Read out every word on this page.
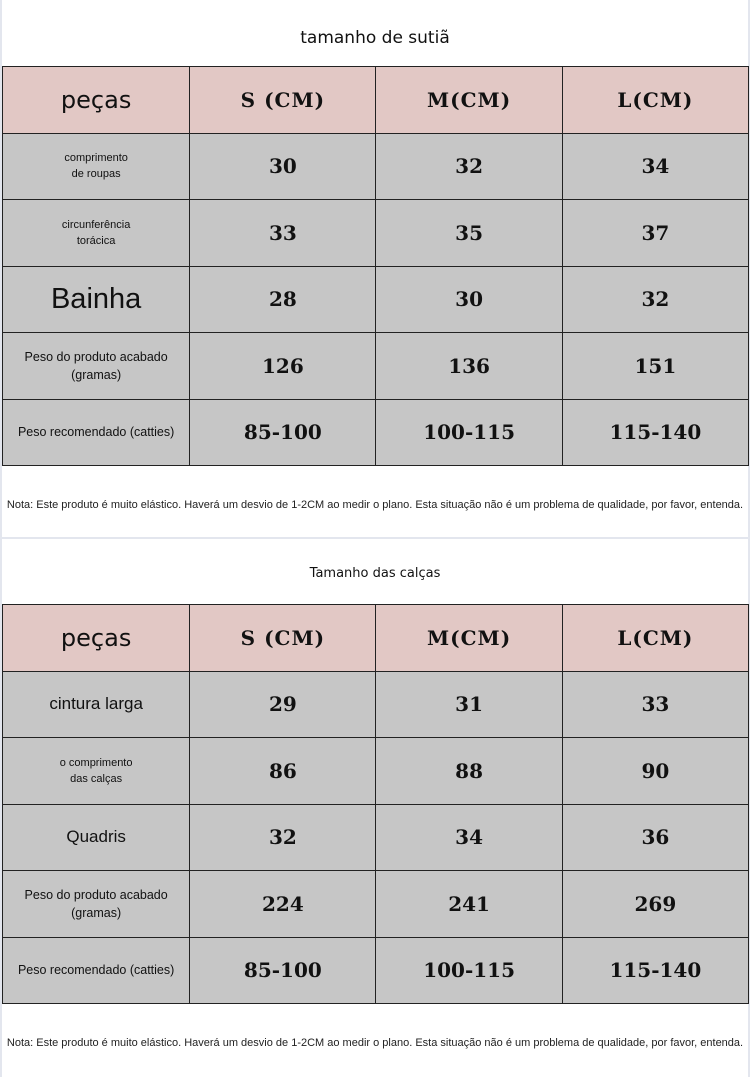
tamanho de sutiã
peças	S (CM)	M(CM)	L(CM)
comprimento
de roupas	30	32	34
circunferência
torácica	33	35	37
Bainha	28	30	32
Peso do produto acabado (gramas)	126	136	151
Peso recomendado (catties)	85-100	100-115	115-140
Nota: Este produto é muito elástico. Haverá um desvio de 1-2CM ao medir o plano. Esta situação não é um problema de qualidade, por favor, entenda.
Tamanho das calças
peças	S (CM)	M(CM)	L(CM)
cintura larga	29	31	33
o comprimento
das calças	86	88	90
Quadris	32	34	36
Peso do produto acabado (gramas)	224	241	269
Peso recomendado (catties)	85-100	100-115	115-140
Nota: Este produto é muito elástico. Haverá um desvio de 1-2CM ao medir o plano. Esta situação não é um problema de qualidade, por favor, entenda.
